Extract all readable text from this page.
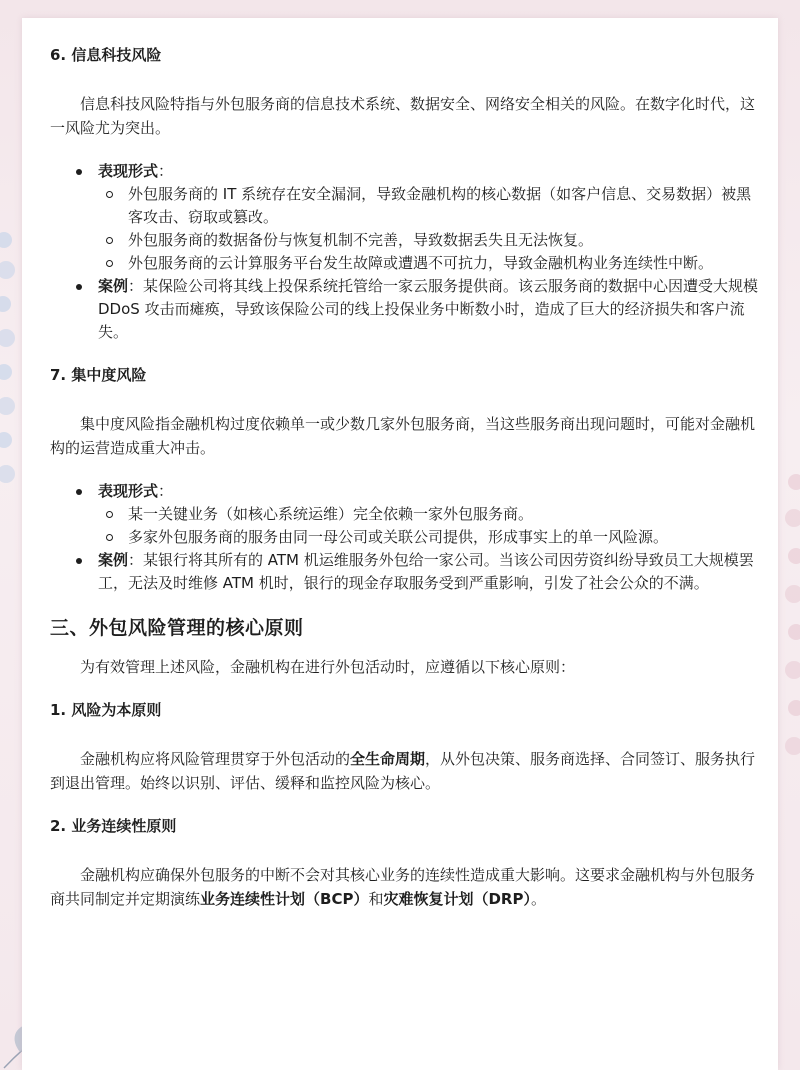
6. 信息科技风险

信息科技风险特指与外包服务商的信息技术系统、数据安全、网络安全相关的风险。在数字化时代，这一风险尤为突出。

表现形式：
外包服务商的 IT 系统存在安全漏洞，导致金融机构的核心数据（如客户信息、交易数据）被黑客攻击、窃取或篡改。
外包服务商的数据备份与恢复机制不完善，导致数据丢失且无法恢复。
外包服务商的云计算服务平台发生故障或遭遇不可抗力，导致金融机构业务连续性中断。
案例：某保险公司将其线上投保系统托管给一家云服务提供商。该云服务商的数据中心因遭受大规模 DDoS 攻击而瘫痪，导致该保险公司的线上投保业务中断数小时，造成了巨大的经济损失和客户流失。
7. 集中度风险

集中度风险指金融机构过度依赖单一或少数几家外包服务商，当这些服务商出现问题时，可能对金融机构的运营造成重大冲击。

表现形式：
某一关键业务（如核心系统运维）完全依赖一家外包服务商。
多家外包服务商的服务由同一母公司或关联公司提供，形成事实上的单一风险源。
案例：某银行将其所有的 ATM 机运维服务外包给一家公司。当该公司因劳资纠纷导致员工大规模罢工，无法及时维修 ATM 机时，银行的现金存取服务受到严重影响，引发了社会公众的不满。
三、外包风险管理的核心原则

为有效管理上述风险，金融机构在进行外包活动时，应遵循以下核心原则：

1. 风险为本原则

金融机构应将风险管理贯穿于外包活动的全生命周期，从外包决策、服务商选择、合同签订、服务执行到退出管理。始终以识别、评估、缓释和监控风险为核心。

2. 业务连续性原则

金融机构应确保外包服务的中断不会对其核心业务的连续性造成重大影响。这要求金融机构与外包服务商共同制定并定期演练业务连续性计划（BCP）和灾难恢复计划（DRP）。
